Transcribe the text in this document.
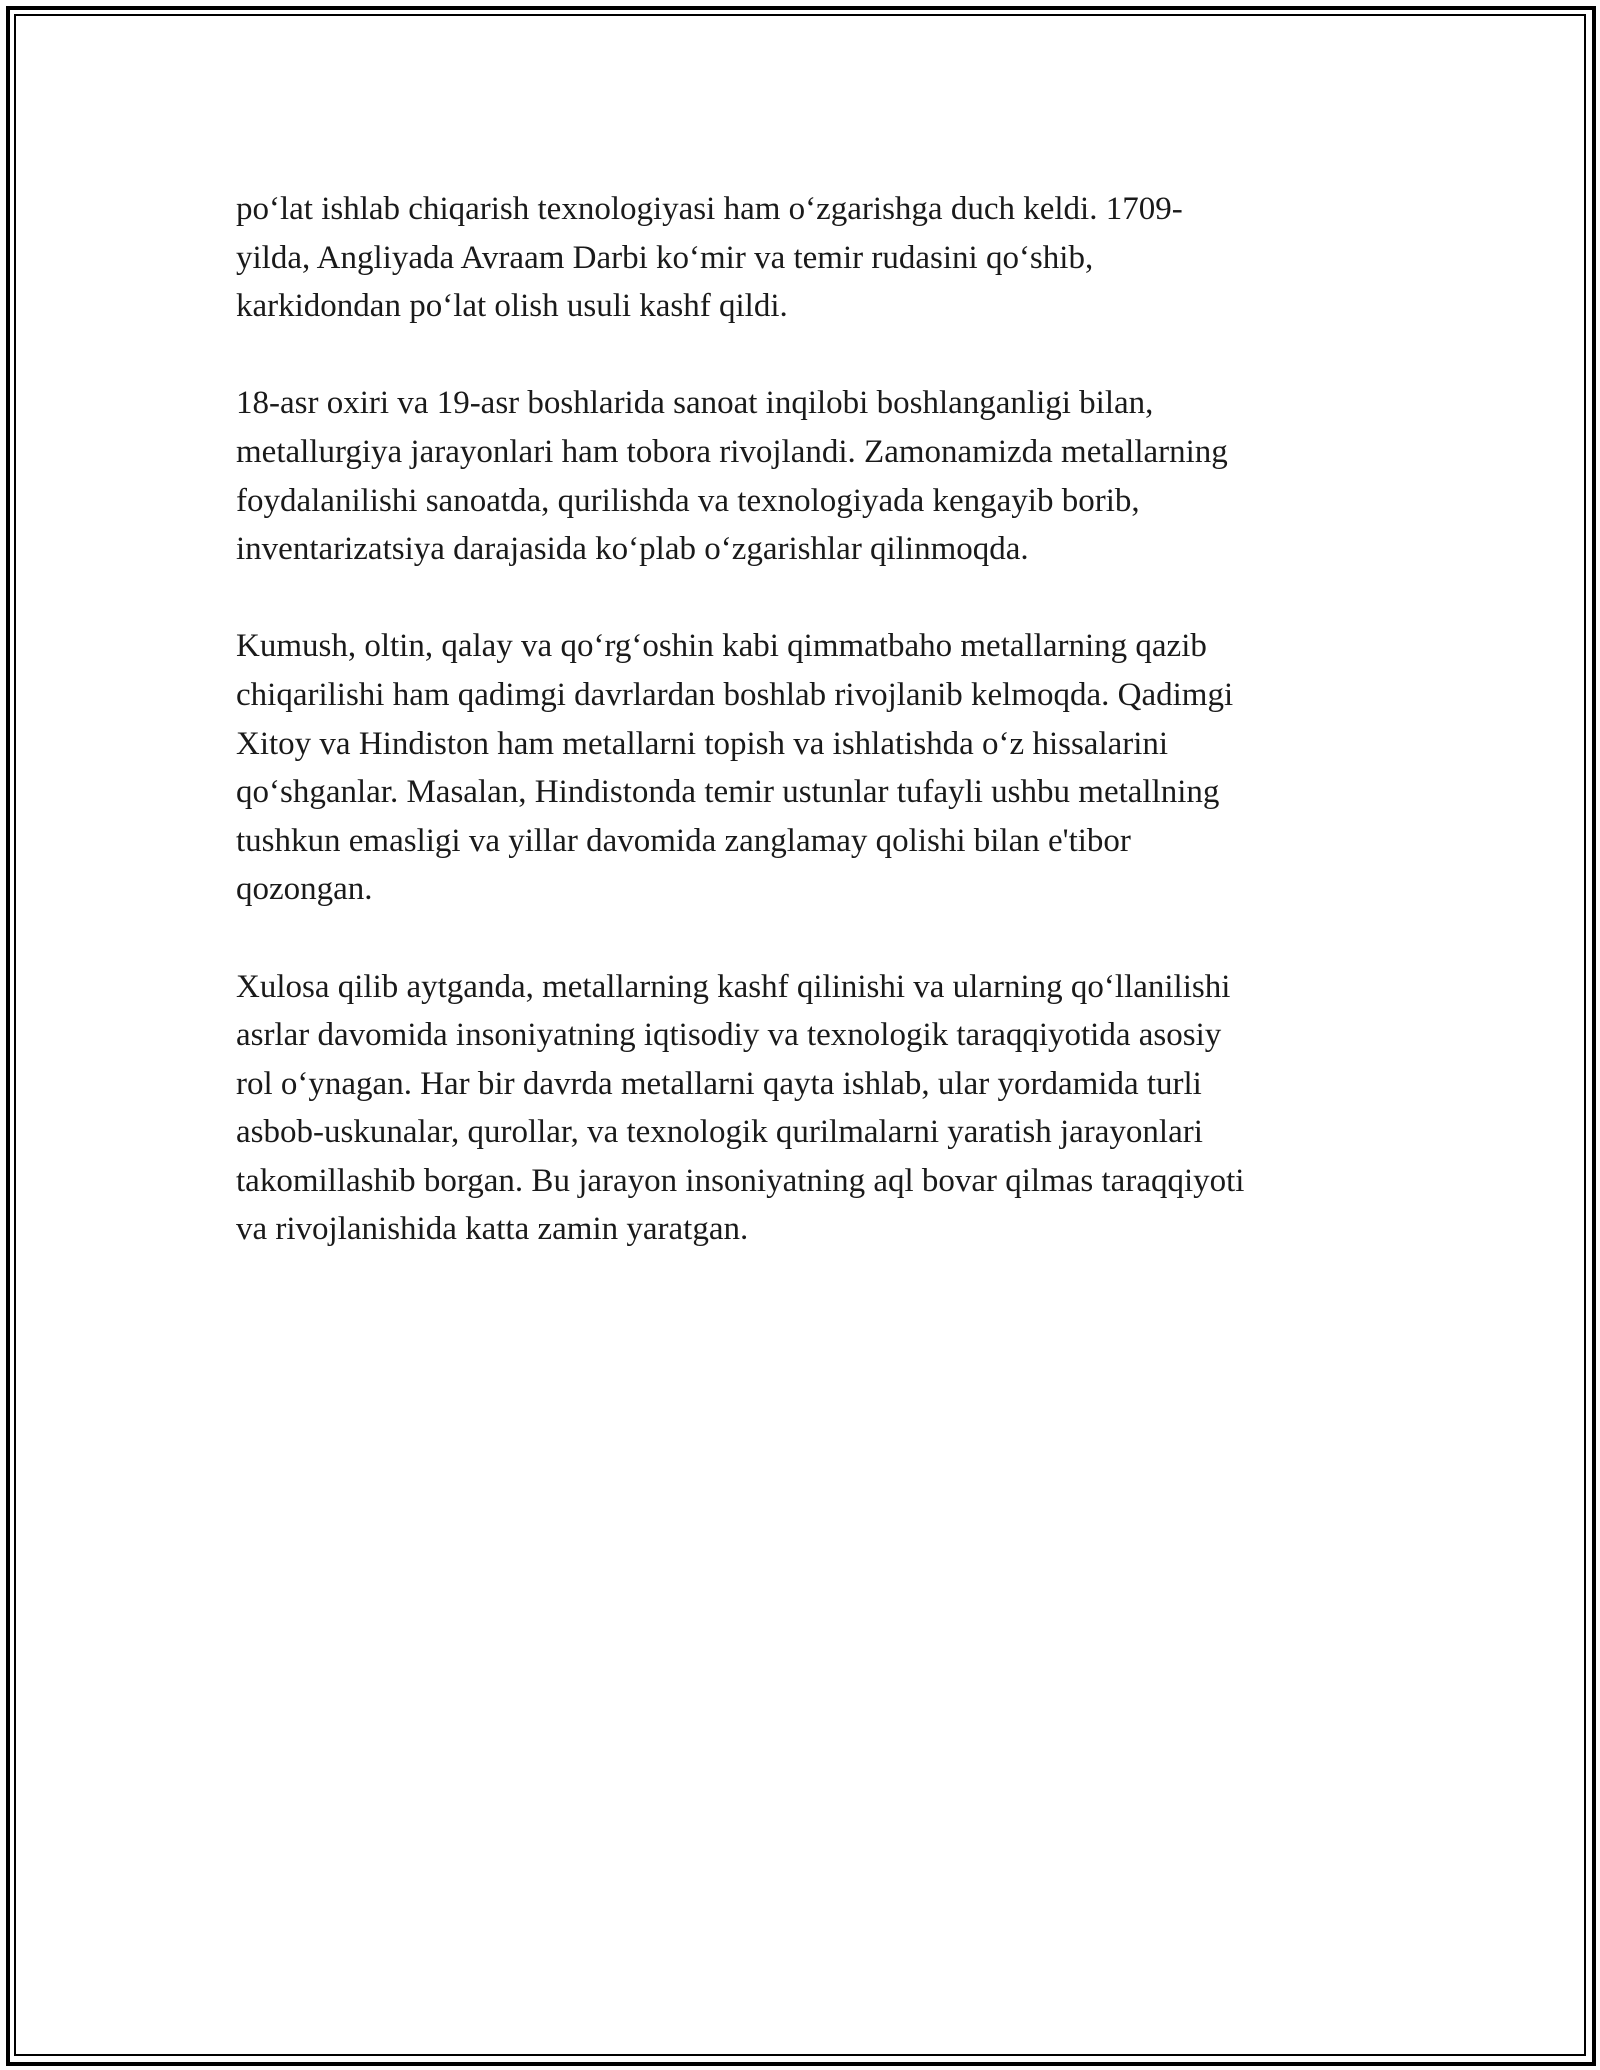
po‘lat ishlab chiqarish texnologiyasi ham o‘zgarishga duch keldi. 1709-
yilda, Angliyada Avraam Darbi ko‘mir va temir rudasini qo‘shib,
karkidondan po‘lat olish usuli kashf qildi.

18-asr oxiri va 19-asr boshlarida sanoat inqilobi boshlanganligi bilan,
metallurgiya jarayonlari ham tobora rivojlandi. Zamonamizda metallarning
foydalanilishi sanoatda, qurilishda va texnologiyada kengayib borib,
inventarizatsiya darajasida ko‘plab o‘zgarishlar qilinmoqda.

Kumush, oltin, qalay va qo‘rg‘oshin kabi qimmatbaho metallarning qazib
chiqarilishi ham qadimgi davrlardan boshlab rivojlanib kelmoqda. Qadimgi
Xitoy va Hindiston ham metallarni topish va ishlatishda o‘z hissalarini
qo‘shganlar. Masalan, Hindistonda temir ustunlar tufayli ushbu metallning
tushkun emasligi va yillar davomida zanglamay qolishi bilan e'tibor
qozongan.

Xulosa qilib aytganda, metallarning kashf qilinishi va ularning qo‘llanilishi
asrlar davomida insoniyatning iqtisodiy va texnologik taraqqiyotida asosiy
rol o‘ynagan. Har bir davrda metallarni qayta ishlab, ular yordamida turli
asbob-uskunalar, qurollar, va texnologik qurilmalarni yaratish jarayonlari
takomillashib borgan. Bu jarayon insoniyatning aql bovar qilmas taraqqiyoti
va rivojlanishida katta zamin yaratgan.
